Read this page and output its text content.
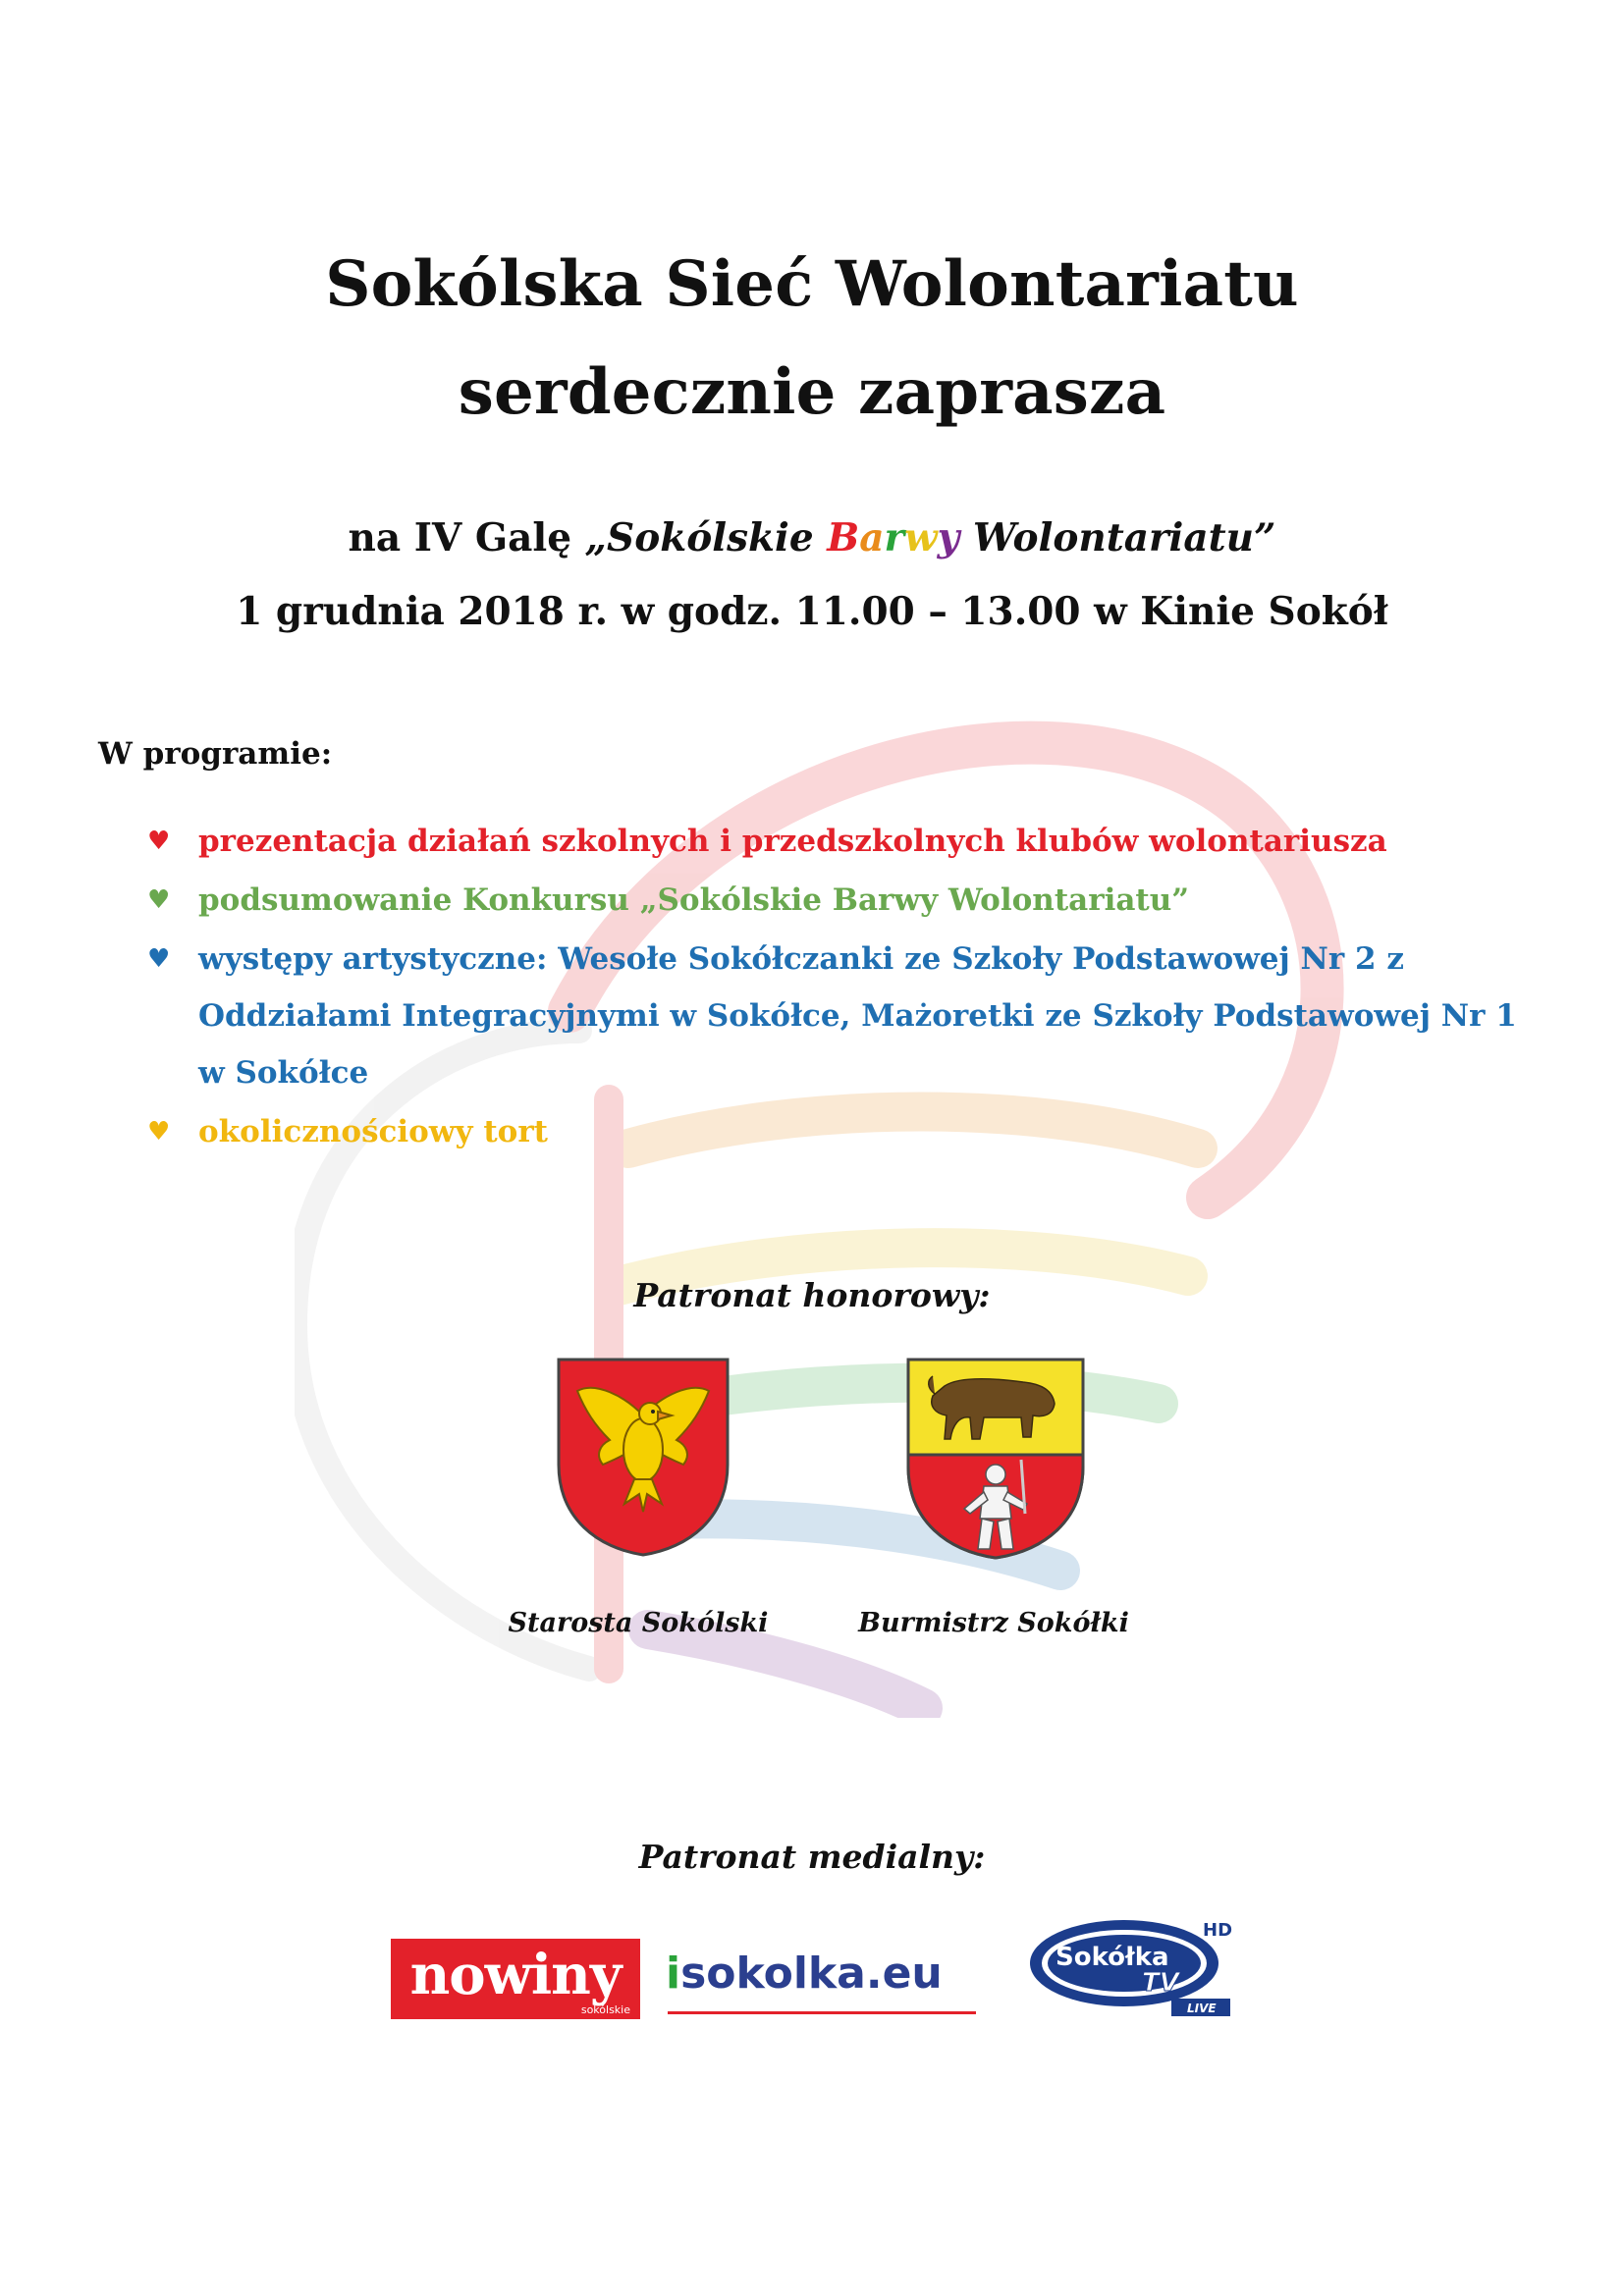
Sokólska Sieć Wolontariatu
serdecznie zaprasza
na IV Galę „Sokólskie Barwy Wolontariatu”
1 grudnia 2018 r. w godz. 11.00 – 13.00 w Kinie Sokół
W programie:
♥ prezentacja działań szkolnych i przedszkolnych klubów wolontariusza
♥ podsumowanie Konkursu „Sokólskie Barwy Wolontariatu”
♥ występy artystyczne: Wesołe Sokółczanki ze Szkoły Podstawowej Nr 2 z Oddziałami Integracyjnymi w Sokółce, Mażoretki ze Szkoły Podstawowej Nr 1 w Sokółce
♥ okolicznościowy tort
Patronat honorowy:
Starosta Sokólski	Burmistrz Sokółki
Patronat medialny:
nowiny
sokólskie
isokolka.eu	Sokółka
TV
HD
LIVE
